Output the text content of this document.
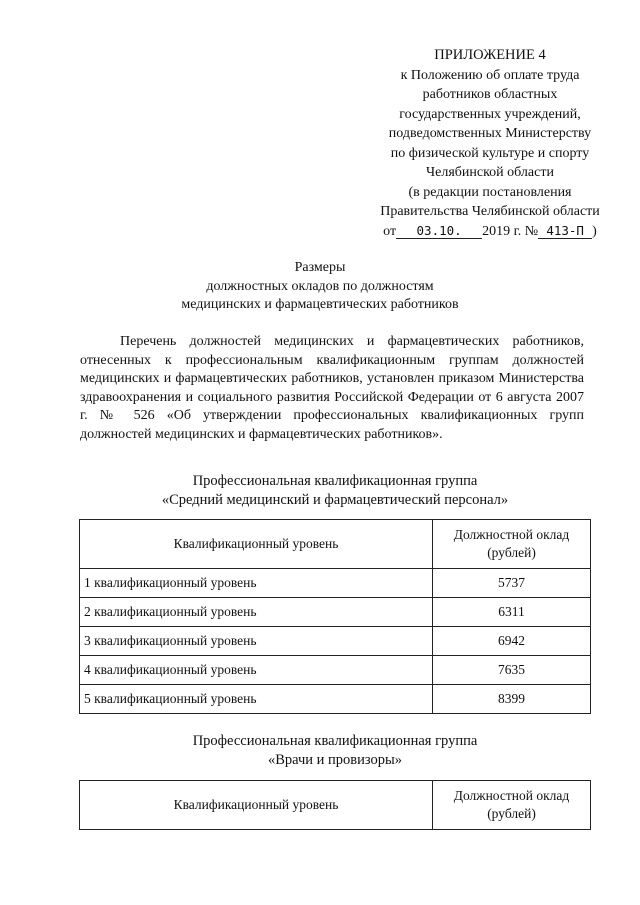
ПРИЛОЖЕНИЕ 4
к Положению об оплате труда
работников областных
государственных учреждений,
подведомственных Министерству
по физической культуре и спорту
Челябинской области
(в редакции постановления
Правительства Челябинской области
от 03.10. 2019 г. № 413-П )
Размеры
должностных окладов по должностям
медицинских и фармацевтических работников
Перечень должностей медицинских и фармацевтических работников, отнесенных к профессиональным квалификационным группам должностей медицинских и фармацевтических работников, установлен приказом Министерства здравоохранения и социального развития Российской Федерации от 6 августа 2007 г. № 526 «Об утверждении профессиональных квалификационных групп должностей медицинских и фармацевтических работников».
Профессиональная квалификационная группа
«Средний медицинский и фармацевтический персонал»
Квалификационный уровень	Должностной оклад
(рублей)
1 квалификационный уровень	5737
2 квалификационный уровень	6311
3 квалификационный уровень	6942
4 квалификационный уровень	7635
5 квалификационный уровень	8399
Профессиональная квалификационная группа
«Врачи и провизоры»
Квалификационный уровень	Должностной оклад
(рублей)
